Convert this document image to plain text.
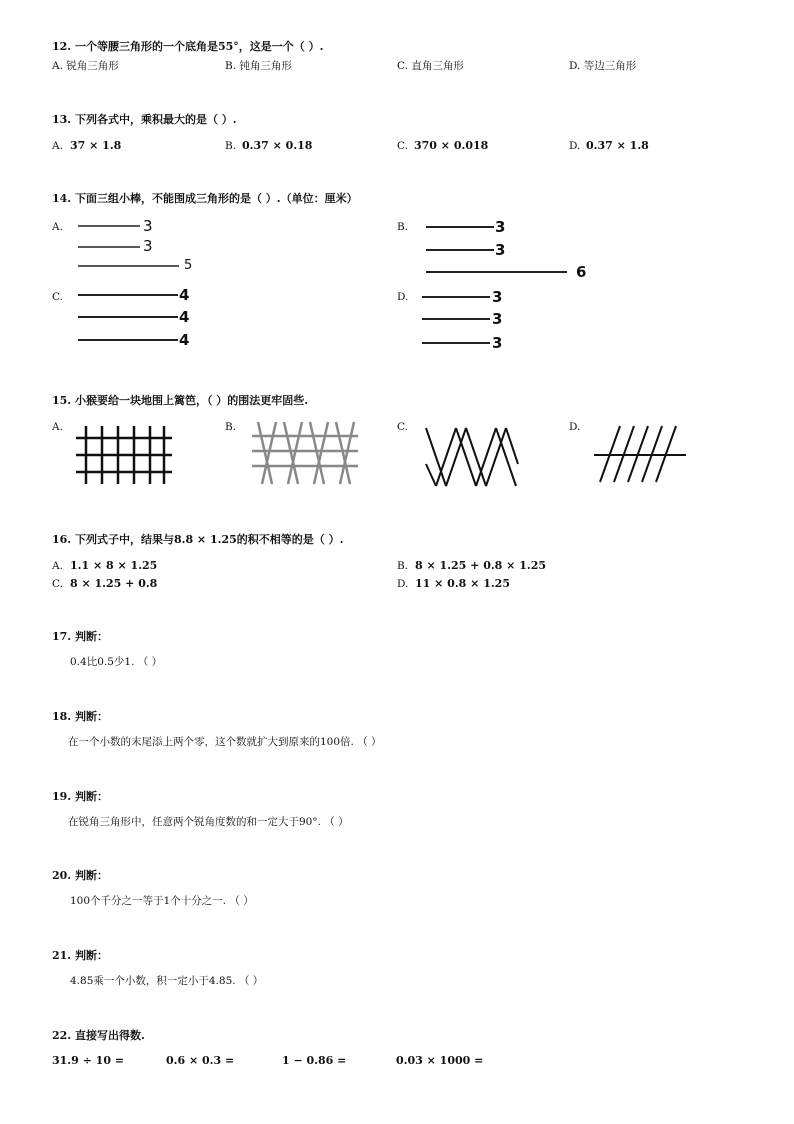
12. 一个等腰三角形的一个底角是55°，这是一个（ ）.
A. 锐角三角形	B. 钝角三角形	C. 直角三角形	D. 等边三角形
13. 下列各式中，乘积最大的是（ ）.
A. 37 × 1.8	B. 0.37 × 0.18	C. 370 × 0.018	D. 0.37 × 1.8
14. 下面三组小棒，不能围成三角形的是（ ）.（单位：厘米）
A.	3
3
5
B.	3
3
6
C.	4
4
4
D.	3
3
3
15. 小猴要给一块地围上篱笆，（ ）的围法更牢固些.
A.	B.	C.	D.
16. 下列式子中，结果与8.8 × 1.25的积不相等的是（ ）.
A. 1.1 × 8 × 1.25	B. 8 × 1.25 + 0.8 × 1.25
C. 8 × 1.25 + 0.8	D. 11 × 0.8 × 1.25
17. 判断：
0.4比0.5少1. （ ）
18. 判断：
在一个小数的末尾添上两个零，这个数就扩大到原来的100倍. （ ）
19. 判断：
在锐角三角形中，任意两个锐角度数的和一定大于90°. （ ）
20. 判断：
100个千分之一等于1个十分之一. （ ）
21. 判断：
4.85乘一个小数，积一定小于4.85. （ ）
22. 直接写出得数.
31.9 ÷ 10 =	0.6 × 0.3 =	1 − 0.86 =	0.03 × 1000 =
